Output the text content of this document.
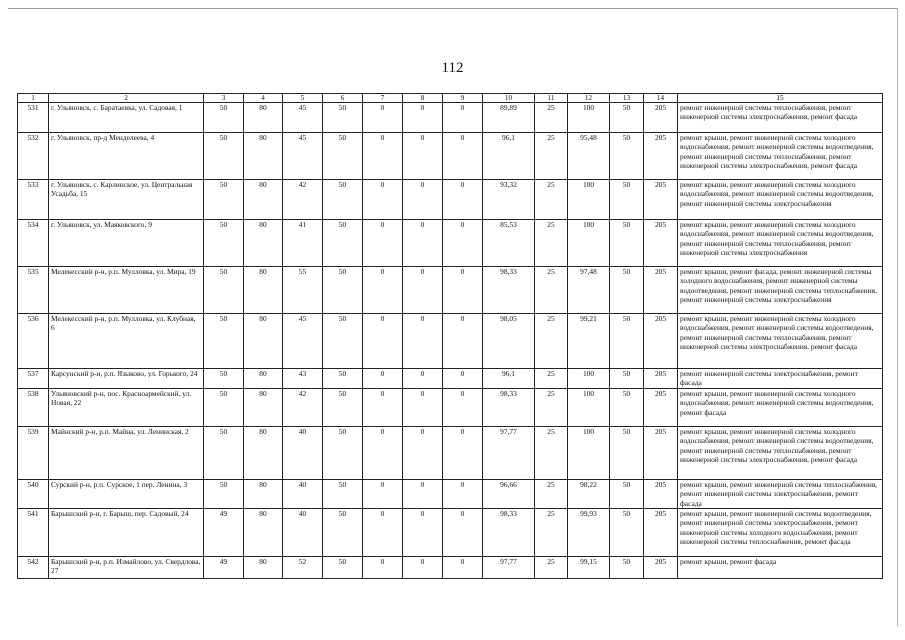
112
1	2	3	4	5	6	7	8	9	10	11	12	13	14	15
531	г. Ульяновск, с. Баратаевка, ул. Садовая, 1	50	80	45	50	0	0	0	89,89	25	100	50	205	ремонт инженерной системы теплоснабжения, ремонт инженерной системы электроснабжения, ремонт фасада
532	г. Ульяновск, пр-д Менделеева, 4	50	80	45	50	0	0	0	96,1	25	95,48	50	205	ремонт крыши, ремонт инженерной системы холодного водоснабжения, ремонт инженерной системы водоотведения, ремонт инженерной системы теплоснабжения, ремонт инженерной системы электроснабжения, ремонт фасада
533	г. Ульяновск, с. Карлинское, ул. Центральная Усадьба, 15	50	80	42	50	0	0	0	93,32	25	100	50	205	ремонт крыши, ремонт инженерной системы холодного водоснабжения, ремонт инженерной системы водоотведения, ремонт инженерной системы электроснабжения
534	г. Ульяновск, ул. Маяковского, 9	50	80	41	50	0	0	0	85,53	25	100	50	205	ремонт крыши, ремонт инженерной системы холодного водоснабжения, ремонт инженерной системы водоотведения, ремонт инженерной системы теплоснабжения, ремонт инженерной системы электроснабжения
535	Мелекесский р-н, р.п. Мулловка, ул. Мира, 19	50	80	55	50	0	0	0	98,33	25	97,48	50	205	ремонт крыши, ремонт фасада, ремонт инженерной системы холодного водоснабжения, ремонт инженерной системы водоотведения, ремонт инженерной системы теплоснабжения, ремонт инженерной системы электроснабжения
536	Мелекесский р-н, р.п. Мулловка, ул. Клубная, 6	50	80	45	50	0	0	0	98,05	25	99,21	50	205	ремонт крыши, ремонт инженерной системы холодного водоснабжения, ремонт инженерной системы водоотведения, ремонт инженерной системы теплоснабжения, ремонт инженерной системы электроснабжения, ремонт фасада
537	Карсунский р-н, р.п. Языково, ул. Горького, 24	50	80	43	50	0	0	0	96,1	25	100	50	205	ремонт инженерной системы электроснабжения, ремонт фасада
538	Ульяновский р-н, пос. Красноармейский, ул. Новая, 22	50	80	42	50	0	0	0	98,33	25	100	50	205	ремонт крыши, ремонт инженерной системы холодного водоснабжения, ремонт инженерной системы водоотведения, ремонт фасада
539	Майнский р-н, р.п. Майна, ул. Ленинская, 2	50	80	40	50	0	0	0	97,77	25	100	50	205	ремонт крыши, ремонт инженерной системы холодного водоснабжения, ремонт инженерной системы водоотведения, ремонт инженерной системы теплоснабжения, ремонт инженерной системы электроснабжения, ремонт фасада
540	Сурский р-н, р.п. Сурское, 1 пер. Ленина, 3	50	80	40	50	0	0	0	96,66	25	98,22	50	205	ремонт крыши, ремонт инженерной системы теплоснабжения, ремонт инженерной системы электроснабжения, ремонт фасада
541	Барышский р-н, г. Барыш, пер. Садовый, 24	49	80	40	50	0	0	0	98,33	25	99,93	50	205	ремонт крыши, ремонт инженерной системы водоотведения, ремонт инженерной системы электроснабжения, ремонт инженерной системы холодного водоснабжения, ремонт инженерной системы теплоснабжения, ремонт фасада
542	Барышский р-н, р.п. Измайлово, ул. Свердлова, 27	49	80	52	50	0	0	0	97,77	25	99,15	50	205	ремонт крыши, ремонт фасада
